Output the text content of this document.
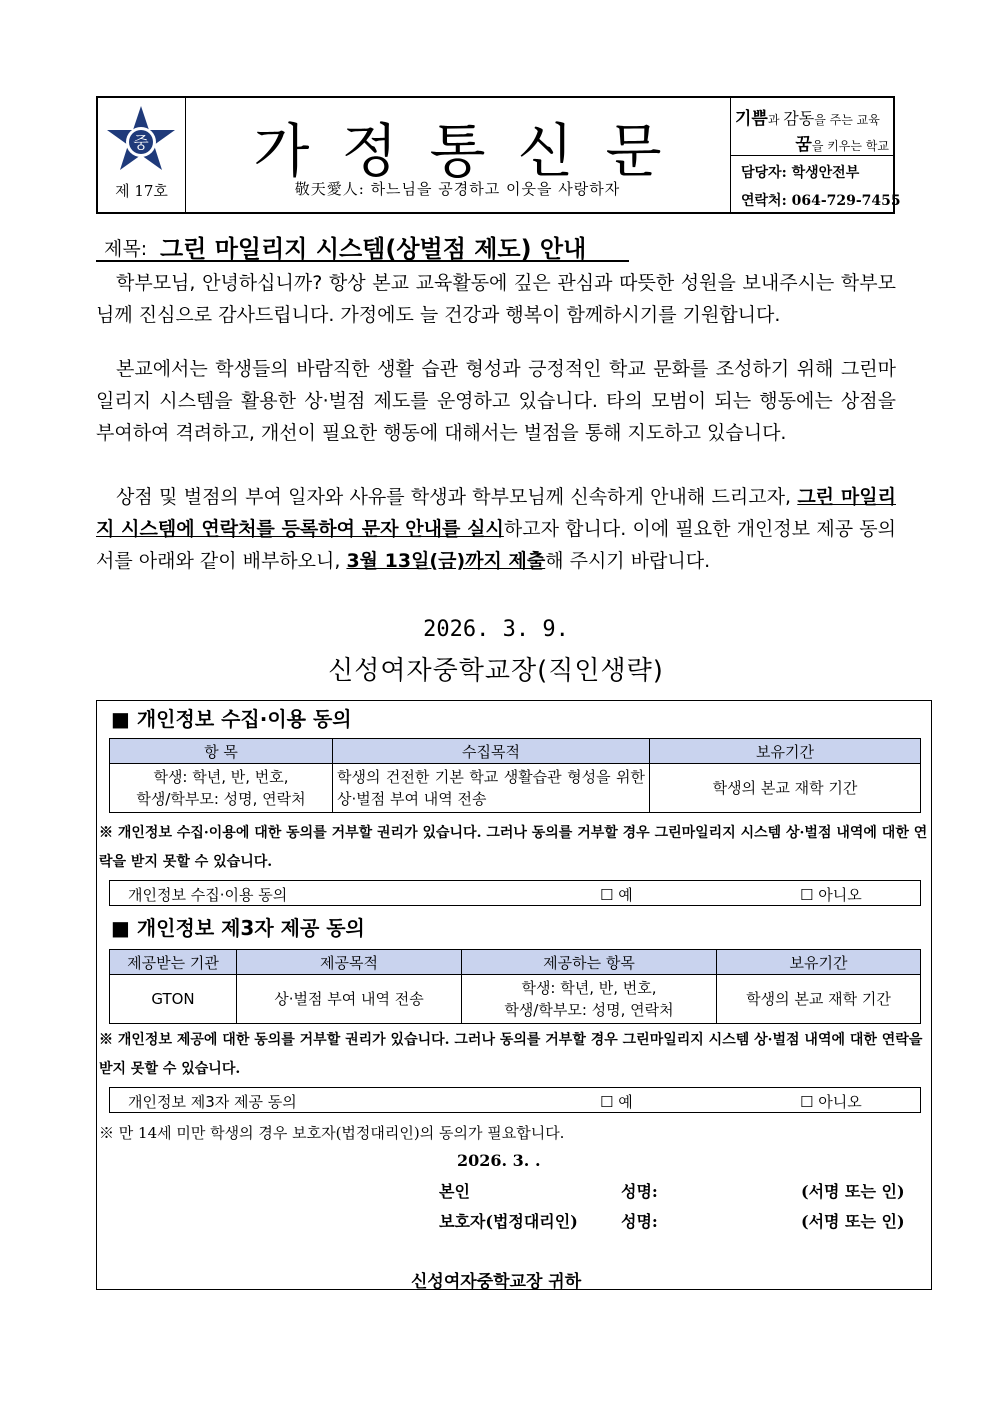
중
제 17호
가정통신문
敬天愛人: 하느님을 공경하고 이웃을 사랑하자
기쁨과 감동을 주는 교육
꿈을 키우는 학교
담당자: 학생안전부
연락처: 064-729-7455
제목: 그린 마일리지 시스템(상벌점 제도) 안내
학부모님, 안녕하십니까? 항상 본교 교육활동에 깊은 관심과 따뜻한 성원을 보내주시는 학부모님께 진심으로 감사드립니다. 가정에도 늘 건강과 행복이 함께하시기를 기원합니다.
본교에서는 학생들의 바람직한 생활 습관 형성과 긍정적인 학교 문화를 조성하기 위해 그린마일리지 시스템을 활용한 상·벌점 제도를 운영하고 있습니다. 타의 모범이 되는 행동에는 상점을 부여하여 격려하고, 개선이 필요한 행동에 대해서는 벌점을 통해 지도하고 있습니다.
상점 및 벌점의 부여 일자와 사유를 학생과 학부모님께 신속하게 안내해 드리고자, 그린 마일리지 시스템에 연락처를 등록하여 문자 안내를 실시하고자 합니다. 이에 필요한 개인정보 제공 동의서를 아래와 같이 배부하오니, 3월 13일(금)까지 제출해 주시기 바랍니다.
2026. 3. 9.
신성여자중학교장(직인생략)
■ 개인정보 수집·이용 동의
항 목	수집목적	보유기간
학생: 학년, 반, 번호,
학생/학부모: 성명, 연락처	학생의 건전한 기본 학교 생활습관 형성을 위한 상·벌점 부여 내역 전송	학생의 본교 재학 기간
※ 개인정보 수집·이용에 대한 동의를 거부할 권리가 있습니다. 그러나 동의를 거부할 경우 그린마일리지 시스템 상·벌점 내역에 대한 연락을 받지 못할 수 있습니다.
개인정보 수집·이용 동의	☐ 예	☐ 아니오
■ 개인정보 제3자 제공 동의
제공받는 기관	제공목적	제공하는 항목	보유기간
GTON	상·벌점 부여 내역 전송	학생: 학년, 반, 번호,
학생/학부모: 성명, 연락처	학생의 본교 재학 기간
※ 개인정보 제공에 대한 동의를 거부할 권리가 있습니다. 그러나 동의를 거부할 경우 그린마일리지 시스템 상·벌점 내역에 대한 연락을 받지 못할 수 있습니다.
개인정보 제3자 제공 동의	☐ 예	☐ 아니오
※ 만 14세 미만 학생의 경우 보호자(법정대리인)의 동의가 필요합니다.
2026. 3. .
본인	성명:	(서명 또는 인)
보호자(법정대리인)	성명:	(서명 또는 인)
신성여자중학교장 귀하
